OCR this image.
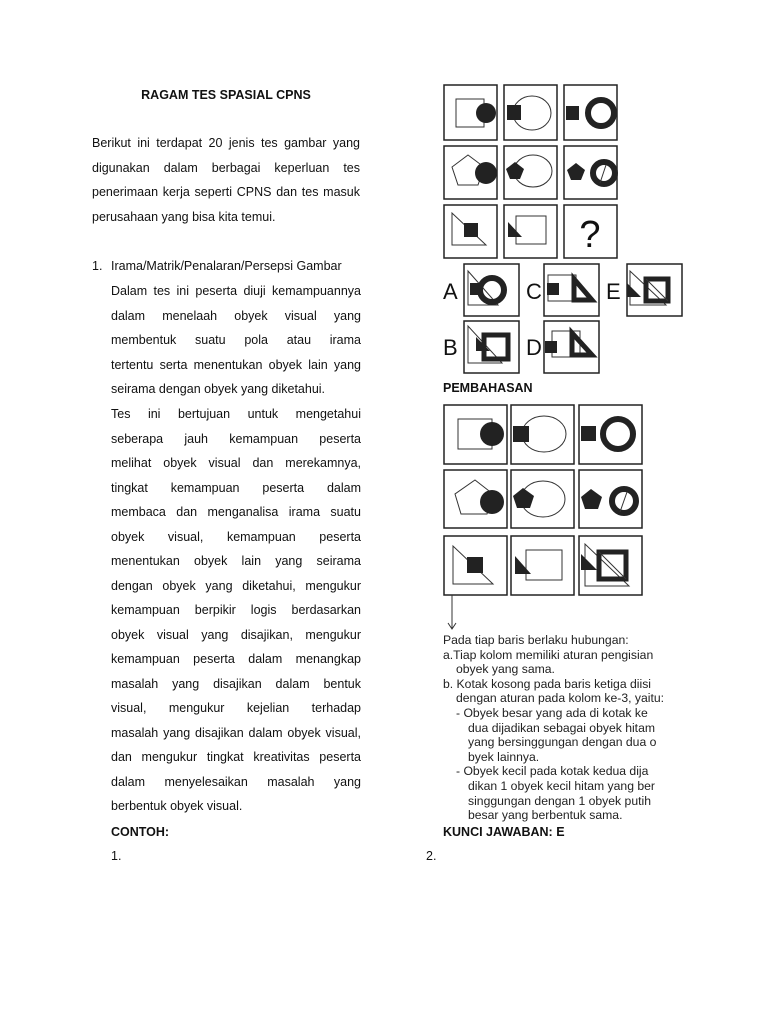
RAGAM TES SPASIAL CPNS
Berikut ini terdapat 20 jenis tes gambar yang
digunakan dalam berbagai keperluan tes
penerimaan kerja seperti CPNS dan tes masuk
perusahaan yang bisa kita temui.
1. Irama/Matrik/Penalaran/Persepsi Gambar
Dalam tes ini peserta diuji kemampuannya
dalam menelaah obyek visual yang
membentuk suatu pola atau irama
tertentu serta menentukan obyek lain yang
seirama dengan obyek yang diketahui.
Tes ini bertujuan untuk mengetahui
seberapa jauh kemampuan peserta
melihat obyek visual dan merekamnya,
tingkat kemampuan peserta dalam
membaca dan menganalisa irama suatu
obyek visual, kemampuan peserta
menentukan obyek lain yang seirama
dengan obyek yang diketahui, mengukur
kemampuan berpikir logis berdasarkan
obyek visual yang disajikan, mengukur
kemampuan peserta dalam menangkap
masalah yang disajikan dalam bentuk
visual, mengukur kejelian terhadap
masalah yang disajikan dalam obyek visual,
dan mengukur tingkat kreativitas peserta
dalam menyelesaikan masalah yang
berbentuk obyek visual.
CONTOH:
1.
?
A	C	E
B	D
PEMBAHASAN
Pada tiap baris berlaku hubungan:
a.Tiap kolom memiliki aturan pengisian
obyek yang sama.
b. Kotak kosong pada baris ketiga diisi
dengan aturan pada kolom ke-3, yaitu:
- Obyek besar yang ada di kotak ke
dua dijadikan sebagai obyek hitam
yang bersinggungan dengan dua o
byek lainnya.
- Obyek kecil pada kotak kedua dija
dikan 1 obyek kecil hitam yang ber
singgungan dengan 1 obyek putih
besar yang berbentuk sama.
KUNCI JAWABAN: E
2.
